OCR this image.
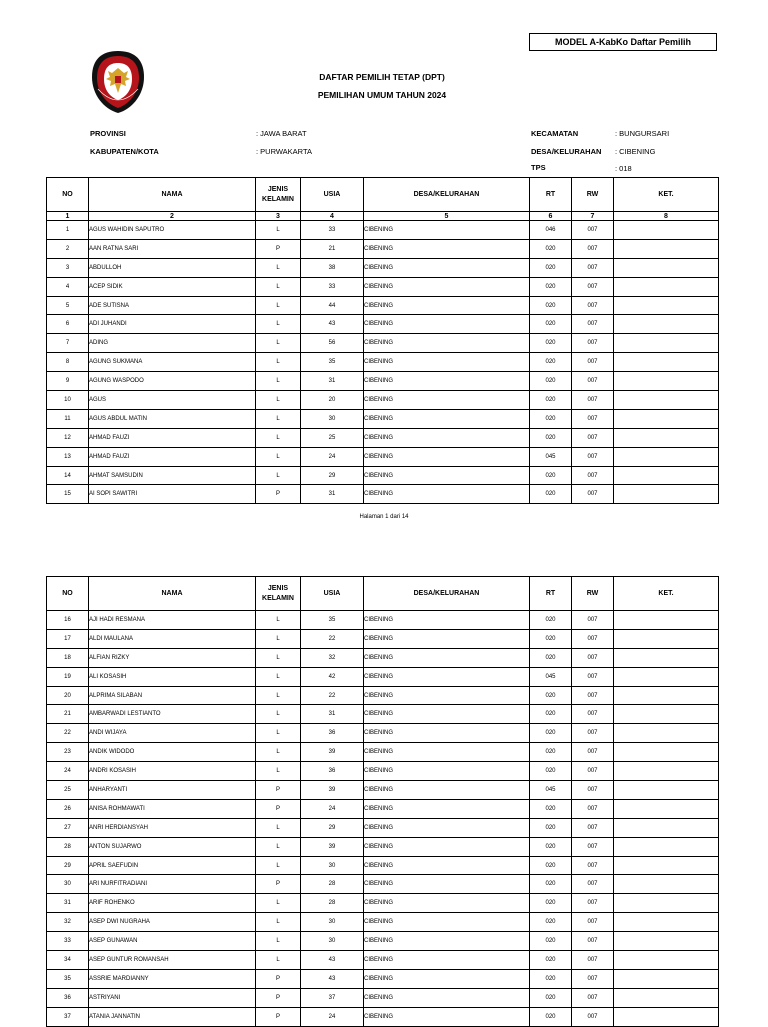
MODEL A-KabKo Daftar Pemilih
DAFTAR PEMILIH TETAP (DPT)
PEMILIHAN UMUM TAHUN 2024
PROVINSI	: JAWA BARAT
KABUPATEN/KOTA	: PURWAKARTA
KECAMATAN	: BUNGURSARI
DESA/KELURAHAN : CIBENING
TPS	: 018
NO	NAMA	JENIS KELAMIN	USIA	DESA/KELURAHAN	RT	RW	KET.
1	2	3	4	5	6	7	8
1	AGUS WAHIDIN SAPUTRO	L	33	CIBENING	046	007	
2	AAN RATNA SARI	P	21	CIBENING	020	007	
3	ABDULLOH	L	38	CIBENING	020	007	
4	ACEP SIDIK	L	33	CIBENING	020	007	
5	ADE SUTISNA	L	44	CIBENING	020	007	
6	ADI JUHANDI	L	43	CIBENING	020	007	
7	ADING	L	56	CIBENING	020	007	
8	AGUNG SUKMANA	L	35	CIBENING	020	007	
9	AGUNG WASPODO	L	31	CIBENING	020	007	
10	AGUS	L	20	CIBENING	020	007	
11	AGUS ABDUL MATIN	L	30	CIBENING	020	007	
12	AHMAD FAUZI	L	25	CIBENING	020	007	
13	AHMAD FAUZI	L	24	CIBENING	045	007	
14	AHMAT SAMSUDIN	L	29	CIBENING	020	007	
15	AI SOPI SAWITRI	P	31	CIBENING	020	007	
Halaman 1 dari 14
NO	NAMA	JENIS KELAMIN	USIA	DESA/KELURAHAN	RT	RW	KET.
16	AJI HADI RESMANA	L	35	CIBENING	020	007	
17	ALDI MAULANA	L	22	CIBENING	020	007	
18	ALFIAN RIZKY	L	32	CIBENING	020	007	
19	ALI KOSASIH	L	42	CIBENING	045	007	
20	ALPRIMA SILABAN	L	22	CIBENING	020	007	
21	AMBARWADI LESTIANTO	L	31	CIBENING	020	007	
22	ANDI WIJAYA	L	36	CIBENING	020	007	
23	ANDIK WIDODO	L	39	CIBENING	020	007	
24	ANDRI KOSASIH	L	36	CIBENING	020	007	
25	ANHARYANTI	P	39	CIBENING	045	007	
26	ANISA ROHMAWATI	P	24	CIBENING	020	007	
27	ANRI HERDIANSYAH	L	29	CIBENING	020	007	
28	ANTON SUJARWO	L	39	CIBENING	020	007	
29	APRIL SAEFUDIN	L	30	CIBENING	020	007	
30	ARI NURFITRADIANI	P	28	CIBENING	020	007	
31	ARIF ROHENKO	L	28	CIBENING	020	007	
32	ASEP DWI NUGRAHA	L	30	CIBENING	020	007	
33	ASEP GUNAWAN	L	30	CIBENING	020	007	
34	ASEP GUNTUR ROMANSAH	L	43	CIBENING	020	007	
35	ASSRIE MARDIANNY	P	43	CIBENING	020	007	
36	ASTRIYANI	P	37	CIBENING	020	007	
37	ATANIA JANNATIN	P	24	CIBENING	020	007	
